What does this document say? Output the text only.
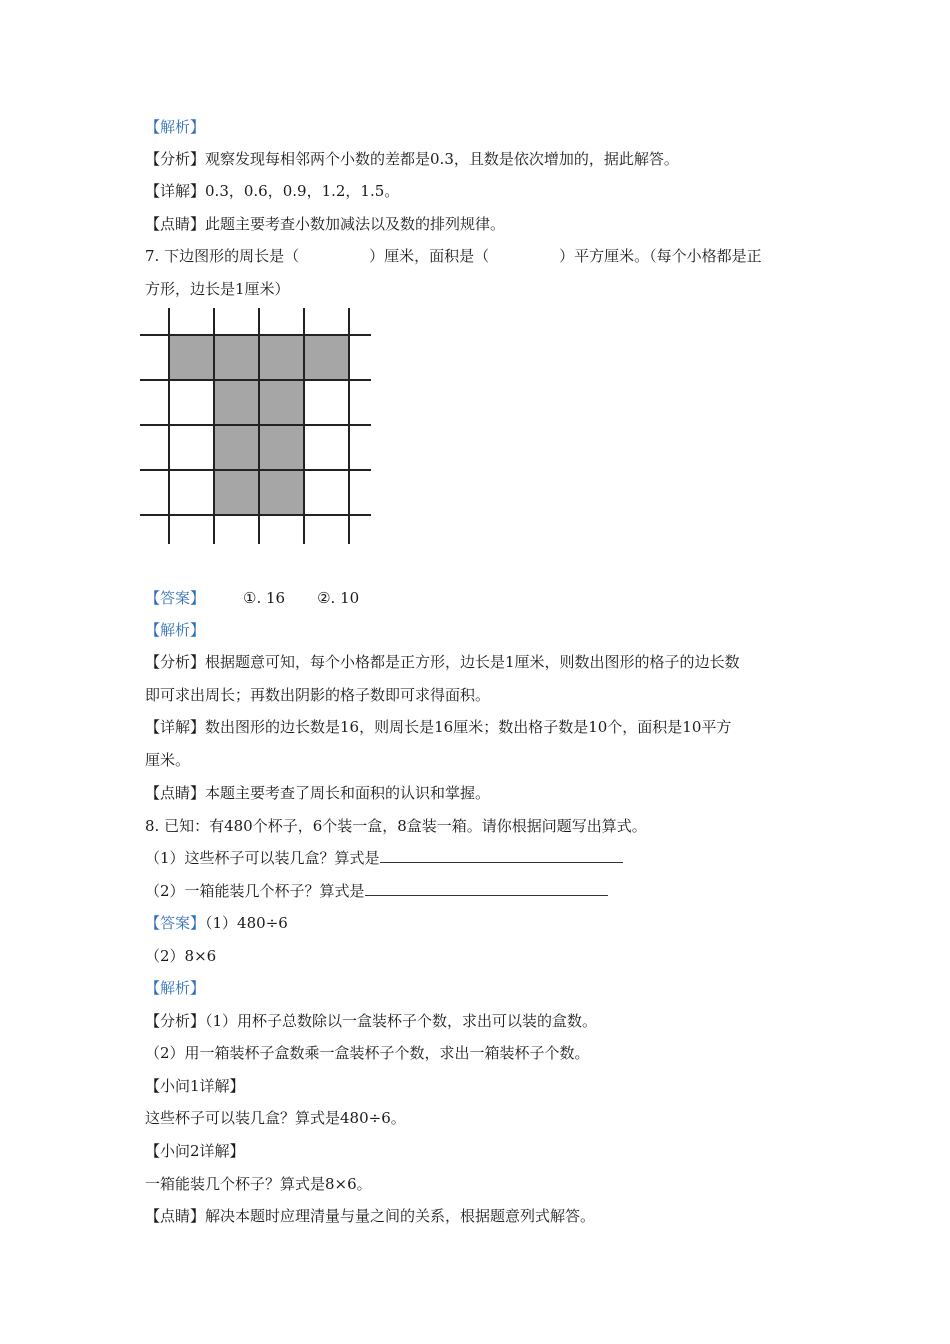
【解析】
【分析】观察发现每相邻两个小数的差都是0.3，且数是依次增加的，据此解答。
【详解】0.3，0.6，0.9，1.2，1.5。
【点睛】此题主要考查小数加减法以及数的排列规律。
7. 下边图形的周长是（	）厘米，面积是（	）平方厘米。（每个小格都是正
方形，边长是1厘米）
【答案】	①. 16 ②. 10
【解析】
【分析】根据题意可知，每个小格都是正方形，边长是1厘米，则数出图形的格子的边长数
即可求出周长；再数出阴影的格子数即可求得面积。
【详解】数出图形的边长数是16，则周长是16厘米；数出格子数是10个，面积是10平方
厘米。
【点睛】本题主要考查了周长和面积的认识和掌握。
8. 已知：有480个杯子，6个装一盒，8盒装一箱。请你根据问题写出算式。
（1）这些杯子可以装几盒？算式是
（2）一箱能装几个杯子？算式是
【答案】（1）480÷6
（2）8×6
【解析】
【分析】（1）用杯子总数除以一盒装杯子个数，求出可以装的盒数。
（2）用一箱装杯子盒数乘一盒装杯子个数，求出一箱装杯子个数。
【小问1详解】
这些杯子可以装几盒？算式是480÷6。
【小问2详解】
一箱能装几个杯子？算式是8×6。
【点睛】解决本题时应理清量与量之间的关系，根据题意列式解答。
